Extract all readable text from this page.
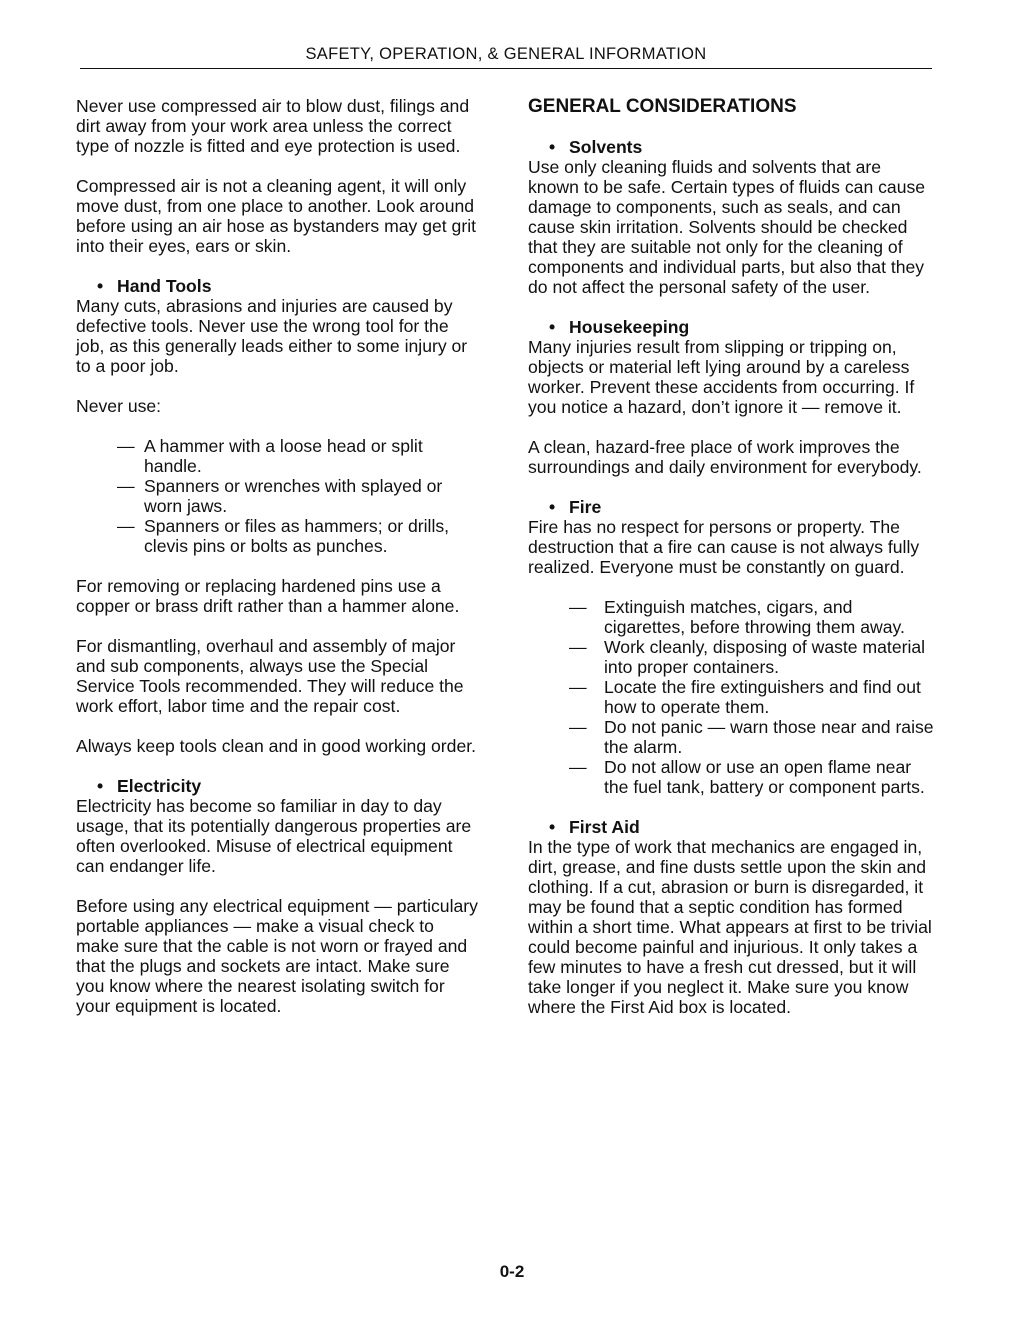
SAFETY, OPERATION, & GENERAL INFORMATION

Never use compressed air to blow dust, filings and dirt away from your work area unless the correct type of nozzle is fitted and eye protection is used.

Compressed air is not a cleaning agent, it will only move dust, from one place to another. Look around before using an air hose as bystanders may get grit into their eyes, ears or skin.

• Hand Tools

Many cuts, abrasions and injuries are caused by defective tools. Never use the wrong tool for the job, as this generally leads either to some injury or to a poor job.

Never use:

— A hammer with a loose head or split handle.
— Spanners or wrenches with splayed or worn jaws.
— Spanners or files as hammers; or drills, clevis pins or bolts as punches.

For removing or replacing hardened pins use a copper or brass drift rather than a hammer alone.

For dismantling, overhaul and assembly of major and sub components, always use the Special Service Tools recommended. They will reduce the work effort, labor time and the repair cost.

Always keep tools clean and in good working order.

• Electricity

Electricity has become so familiar in day to day usage, that its potentially dangerous properties are often overlooked. Misuse of electrical equipment can endanger life.

Before using any electrical equipment — particulary portable appliances — make a visual check to make sure that the cable is not worn or frayed and that the plugs and sockets are intact. Make sure you know where the nearest isolating switch for your equipment is located.

GENERAL CONSIDERATIONS
• Solvents

Use only cleaning fluids and solvents that are known to be safe. Certain types of fluids can cause damage to components, such as seals, and can cause skin irritation. Solvents should be checked that they are suitable not only for the cleaning of components and individual parts, but also that they do not affect the personal safety of the user.

• Housekeeping

Many injuries result from slipping or tripping on, objects or material left lying around by a careless worker. Prevent these accidents from occurring. If you notice a hazard, don’t ignore it — remove it.

A clean, hazard-free place of work improves the surroundings and daily environment for everybody.

• Fire

Fire has no respect for persons or property. The destruction that a fire can cause is not always fully realized. Everyone must be constantly on guard.

— Extinguish matches, cigars, and cigarettes, before throwing them away.
— Work cleanly, disposing of waste material into proper containers.
— Locate the fire extinguishers and find out how to operate them.
— Do not panic — warn those near and raise the alarm.
— Do not allow or use an open flame near the fuel tank, battery or component parts.
• First Aid

In the type of work that mechanics are engaged in, dirt, grease, and fine dusts settle upon the skin and clothing. If a cut, abrasion or burn is disregarded, it may be found that a septic condition has formed within a short time. What appears at first to be trivial could become painful and injurious. It only takes a few minutes to have a fresh cut dressed, but it will take longer if you neglect it. Make sure you know where the First Aid box is located.

0-2
